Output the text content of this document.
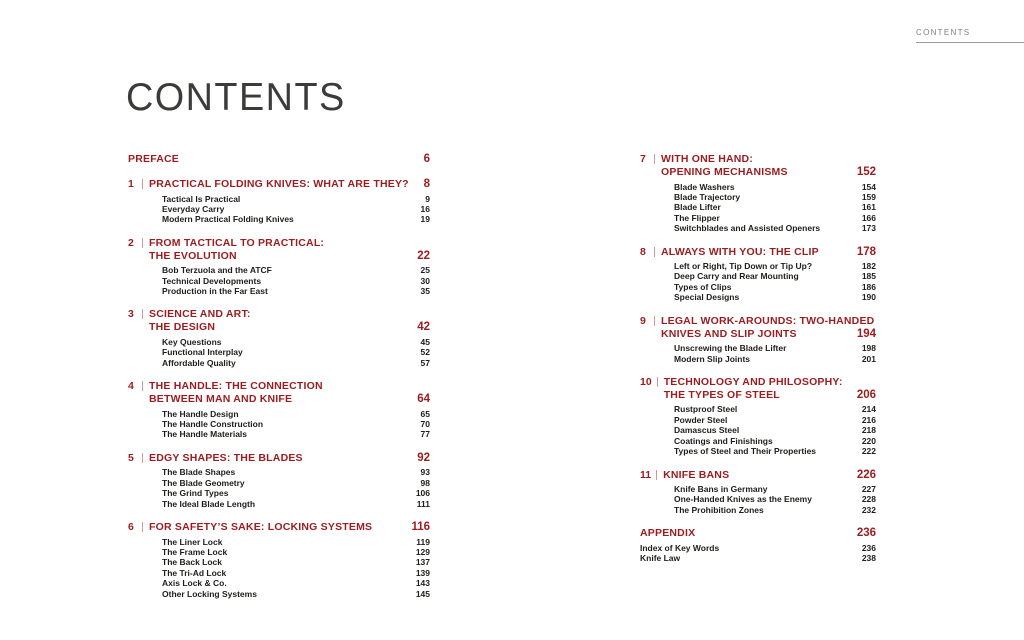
CONTENTS
CONTENTS
PREFACE	6
1	PRACTICAL FOLDING KNIVES: WHAT ARE THEY?	8
Tactical Is Practical	9
Everyday Carry	16
Modern Practical Folding Knives	19
2	FROM TACTICAL TO PRACTICAL:
THE EVOLUTION	22
Bob Terzuola and the ATCF	25
Technical Developments	30
Production in the Far East	35
3	SCIENCE AND ART:
THE DESIGN	42
Key Questions	45
Functional Interplay	52
Affordable Quality	57
4	THE HANDLE: THE CONNECTION
BETWEEN MAN AND KNIFE	64
The Handle Design	65
The Handle Construction	70
The Handle Materials	77
5	EDGY SHAPES: THE BLADES	92
The Blade Shapes	93
The Blade Geometry	98
The Grind Types	106
The Ideal Blade Length	111
6	FOR SAFETY’S SAKE: LOCKING SYSTEMS	116
The Liner Lock	119
The Frame Lock	129
The Back Lock	137
The Tri-Ad Lock	139
Axis Lock & Co.	143
Other Locking Systems	145
7	WITH ONE HAND:
OPENING MECHANISMS	152
Blade Washers	154
Blade Trajectory	159
Blade Lifter	161
The Flipper	166
Switchblades and Assisted Openers	173
8	ALWAYS WITH YOU: THE CLIP	178
Left or Right, Tip Down or Tip Up?	182
Deep Carry and Rear Mounting	185
Types of Clips	186
Special Designs	190
9	LEGAL WORK-AROUNDS: TWO-HANDED
KNIVES AND SLIP JOINTS	194
Unscrewing the Blade Lifter	198
Modern Slip Joints	201
10 TECHNOLOGY AND PHILOSOPHY:
THE TYPES OF STEEL	206
Rustproof Steel	214
Powder Steel	216
Damascus Steel	218
Coatings and Finishings	220
Types of Steel and Their Properties	222
11 KNIFE BANS	226
Knife Bans in Germany	227
One-Handed Knives as the Enemy	228
The Prohibition Zones	232
APPENDIX	236
Index of Key Words	236
Knife Law	238
